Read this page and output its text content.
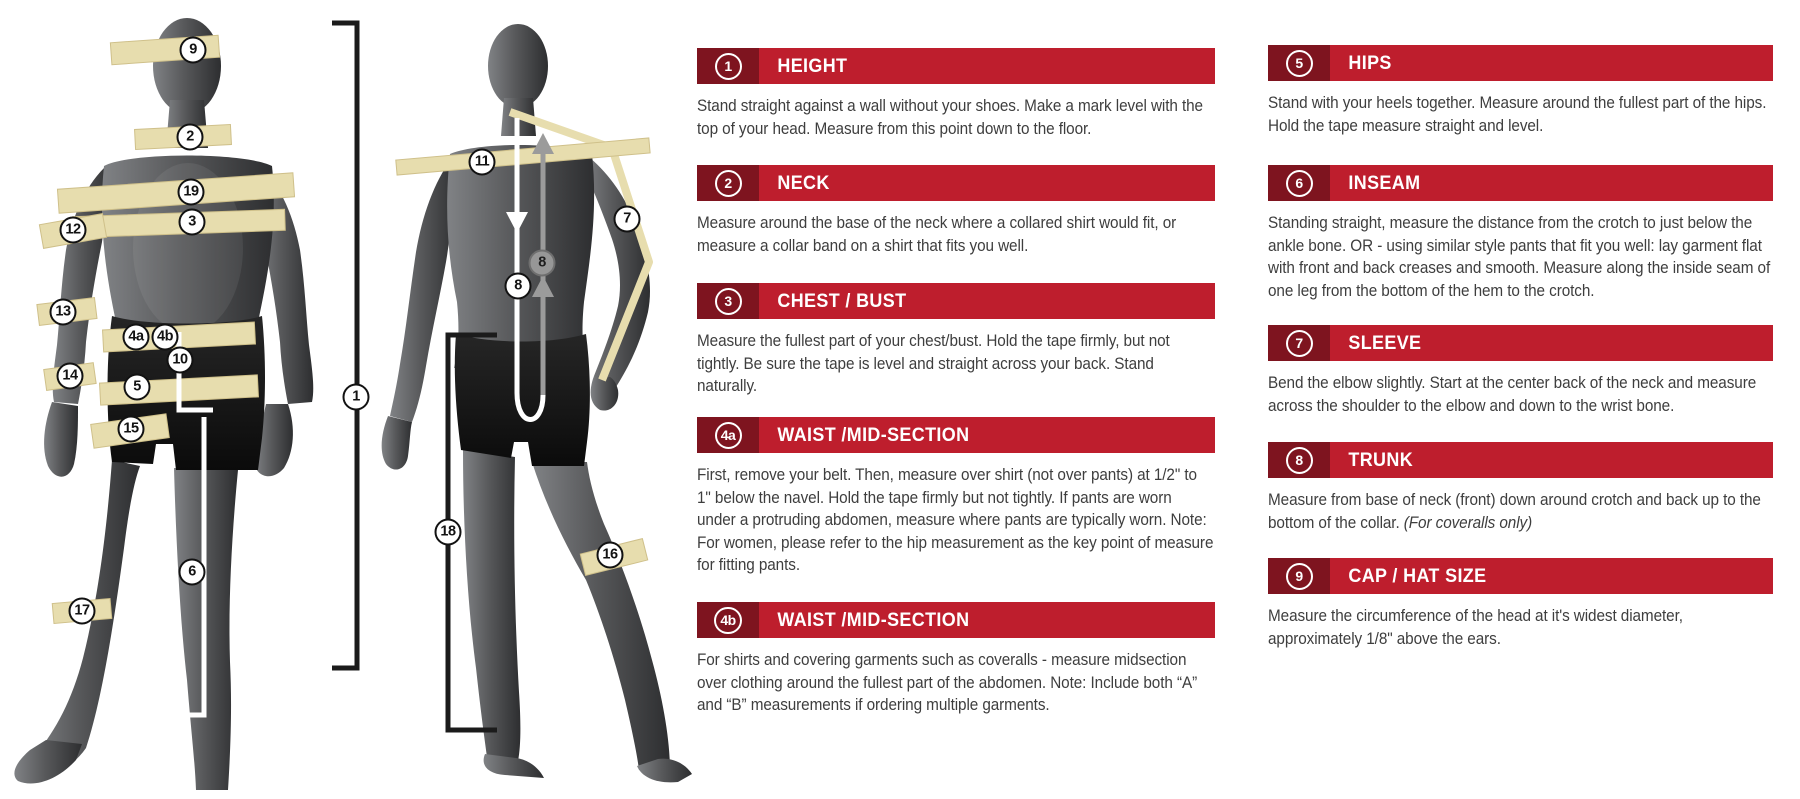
9
2
19
3
12
13
4a 4b
10
14
5
15
6
17
1
11
7
8
8
18
16
1	HEIGHT

Stand straight against a wall without your shoes. Make a mark level with the top of your head. Measure from this point down to the floor.

2	NECK

Measure around the base of the neck where a collared shirt would fit, or measure a collar band on a shirt that fits you well.

3	CHEST / BUST

Measure the fullest part of your chest/bust. Hold the tape firmly, but not tightly. Be sure the tape is level and straight across your back. Stand naturally.

4a	WAIST /MID-SECTION

First, remove your belt. Then, measure over shirt (not over pants) at 1/2" to 1" below the navel. Hold the tape firmly but not tightly. If pants are worn under a protruding abdomen, measure where pants are typically worn. Note: For women, please refer to the hip measurement as the key point of measure for fitting pants.

4b	WAIST /MID-SECTION

For shirts and covering garments such as coveralls - measure midsection over clothing around the fullest part of the abdomen. Note: Include both “A” and “B” measurements if ordering multiple garments.

5	HIPS

Stand with your heels together. Measure around the fullest part of the hips. Hold the tape measure straight and level.

6	INSEAM

Standing straight, measure the distance from the crotch to just below the ankle bone. OR - using similar style pants that fit you well: lay garment flat with front and back creases and smooth. Measure along the inside seam of one leg from the bottom of the hem to the crotch.

7	SLEEVE

Bend the elbow slightly. Start at the center back of the neck and measure across the shoulder to the elbow and down to the wrist bone.

8	TRUNK

Measure from base of neck (front) down around crotch and back up to the bottom of the collar. (For coveralls only)

9	CAP / HAT SIZE

Measure the circumference of the head at it's widest diameter, approximately 1/8" above the ears.
